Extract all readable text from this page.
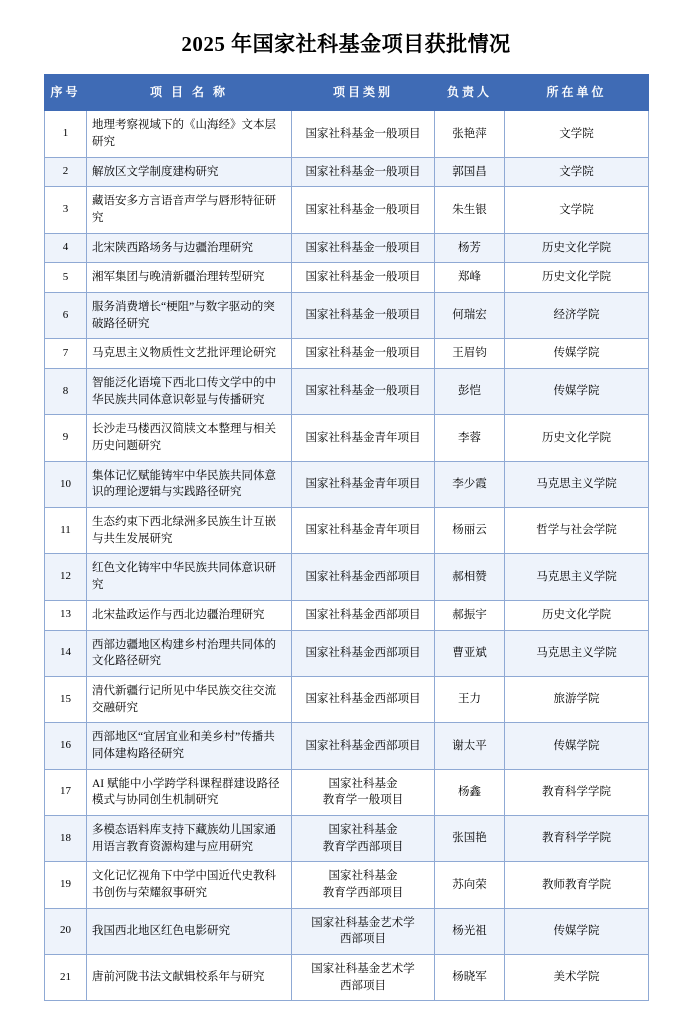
2025 年国家社科基金项目获批情况
序号	项 目 名 称	项目类别	负责人	所在单位
1	地理考察视域下的《山海经》文本层研究	国家社科基金一般项目	张艳萍	文学院
2	解放区文学制度建构研究	国家社科基金一般项目	郭国昌	文学院
3	藏语安多方言语音声学与唇形特征研究	国家社科基金一般项目	朱生银	文学院
4	北宋陕西路场务与边疆治理研究	国家社科基金一般项目	杨芳	历史文化学院
5	湘军集团与晚清新疆治理转型研究	国家社科基金一般项目	郑峰	历史文化学院
6	服务消费增长“梗阻”与数字驱动的突破路径研究	国家社科基金一般项目	何瑞宏	经济学院
7	马克思主义物质性文艺批评理论研究	国家社科基金一般项目	王眉钧	传媒学院
8	智能泛化语境下西北口传文学中的中华民族共同体意识彰显与传播研究	国家社科基金一般项目	彭恺	传媒学院
9	长沙走马楼西汉简牍文本整理与相关历史问题研究	国家社科基金青年项目	李蓉	历史文化学院
10	集体记忆赋能铸牢中华民族共同体意识的理论逻辑与实践路径研究	国家社科基金青年项目	李少霞	马克思主义学院
11	生态约束下西北绿洲多民族生计互嵌与共生发展研究	国家社科基金青年项目	杨丽云	哲学与社会学院
12	红色文化铸牢中华民族共同体意识研究	国家社科基金西部项目	郝相赞	马克思主义学院
13	北宋盐政运作与西北边疆治理研究	国家社科基金西部项目	郝振宇	历史文化学院
14	西部边疆地区构建乡村治理共同体的文化路径研究	国家社科基金西部项目	曹亚斌	马克思主义学院
15	清代新疆行记所见中华民族交往交流交融研究	国家社科基金西部项目	王力	旅游学院
16	西部地区“宜居宜业和美乡村”传播共同体建构路径研究	国家社科基金西部项目	谢太平	传媒学院
17	AI 赋能中小学跨学科课程群建设路径模式与协同创生机制研究	国家社科基金
教育学一般项目	杨鑫	教育科学学院
18	多模态语料库支持下藏族幼儿国家通用语言教育资源构建与应用研究	国家社科基金
教育学西部项目	张国艳	教育科学学院
19	文化记忆视角下中学中国近代史教科书创伤与荣耀叙事研究	国家社科基金
教育学西部项目	苏向荣	教师教育学院
20	我国西北地区红色电影研究	国家社科基金艺术学
西部项目	杨光祖	传媒学院
21	唐前河陇书法文献辑校系年与研究	国家社科基金艺术学
西部项目	杨晓军	美术学院
